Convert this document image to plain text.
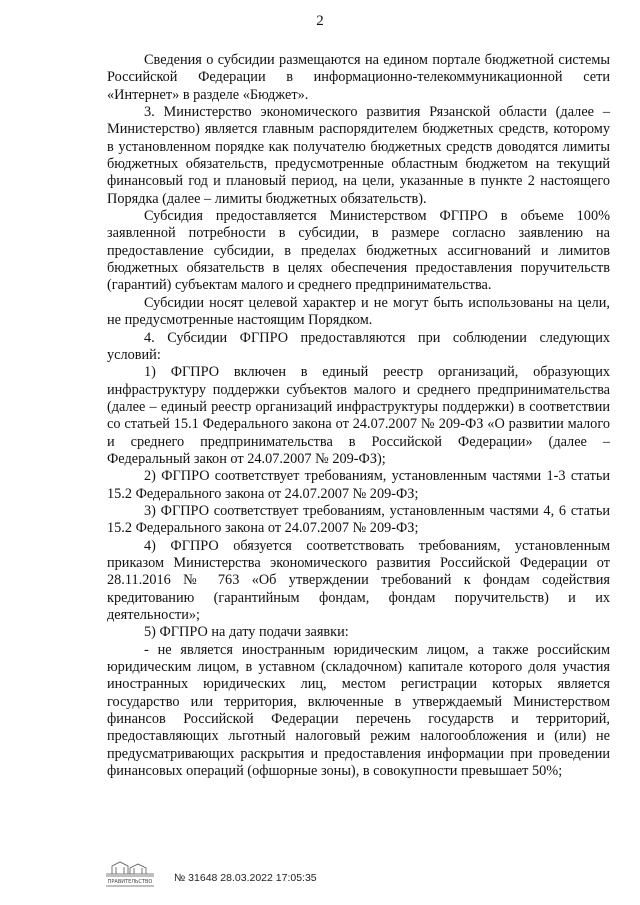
2

Сведения о субсидии размещаются на едином портале бюджетной системы Российской Федерации в информационно-телекоммуникационной сети «Интернет» в разделе «Бюджет».

3. Министерство экономического развития Рязанской области (далее – Министерство) является главным распорядителем бюджетных средств, которому в установленном порядке как получателю бюджетных средств доводятся лимиты бюджетных обязательств, предусмотренные областным бюджетом на текущий финансовый год и плановый период, на цели, указанные в пункте 2 настоящего Порядка (далее – лимиты бюджетных обязательств).

Субсидия предоставляется Министерством ФГПРО в объеме 100% заявленной потребности в субсидии, в размере согласно заявлению на предоставление субсидии, в пределах бюджетных ассигнований и лимитов бюджетных обязательств в целях обеспечения предоставления поручительств (гарантий) субъектам малого и среднего предпринимательства.

Субсидии носят целевой характер и не могут быть использованы на цели, не предусмотренные настоящим Порядком.

4. Субсидии ФГПРО предоставляются при соблюдении следующих условий:

1) ФГПРО включен в единый реестр организаций, образующих инфраструктуру поддержки субъектов малого и среднего предпринимательства (далее – единый реестр организаций инфраструктуры поддержки) в соответствии со статьей 15.1 Федерального закона от 24.07.2007 № 209-ФЗ «О развитии малого и среднего предпринимательства в Российской Федерации» (далее – Федеральный закон от 24.07.2007 № 209-ФЗ);

2) ФГПРО соответствует требованиям, установленным частями 1-3 статьи 15.2 Федерального закона от 24.07.2007 № 209-ФЗ;

3) ФГПРО соответствует требованиям, установленным частями 4, 6 статьи 15.2 Федерального закона от 24.07.2007 № 209-ФЗ;

4) ФГПРО обязуется соответствовать требованиям, установленным приказом Министерства экономического развития Российской Федерации от 28.11.2016 № 763 «Об утверждении требований к фондам содействия кредитованию (гарантийным фондам, фондам поручительств) и их деятельности»;

5) ФГПРО на дату подачи заявки:

- не является иностранным юридическим лицом, а также российским юридическим лицом, в уставном (складочном) капитале которого доля участия иностранных юридических лиц, местом регистрации которых является государство или территория, включенные в утверждаемый Министерством финансов Российской Федерации перечень государств и территорий, предоставляющих льготный налоговый режим налогообложения и (или) не предусматривающих раскрытия и предоставления информации при проведении финансовых операций (офшорные зоны), в совокупности превышает 50%;

ПРАВИТЕЛЬСТВО № 31648 28.03.2022 17:05:35
